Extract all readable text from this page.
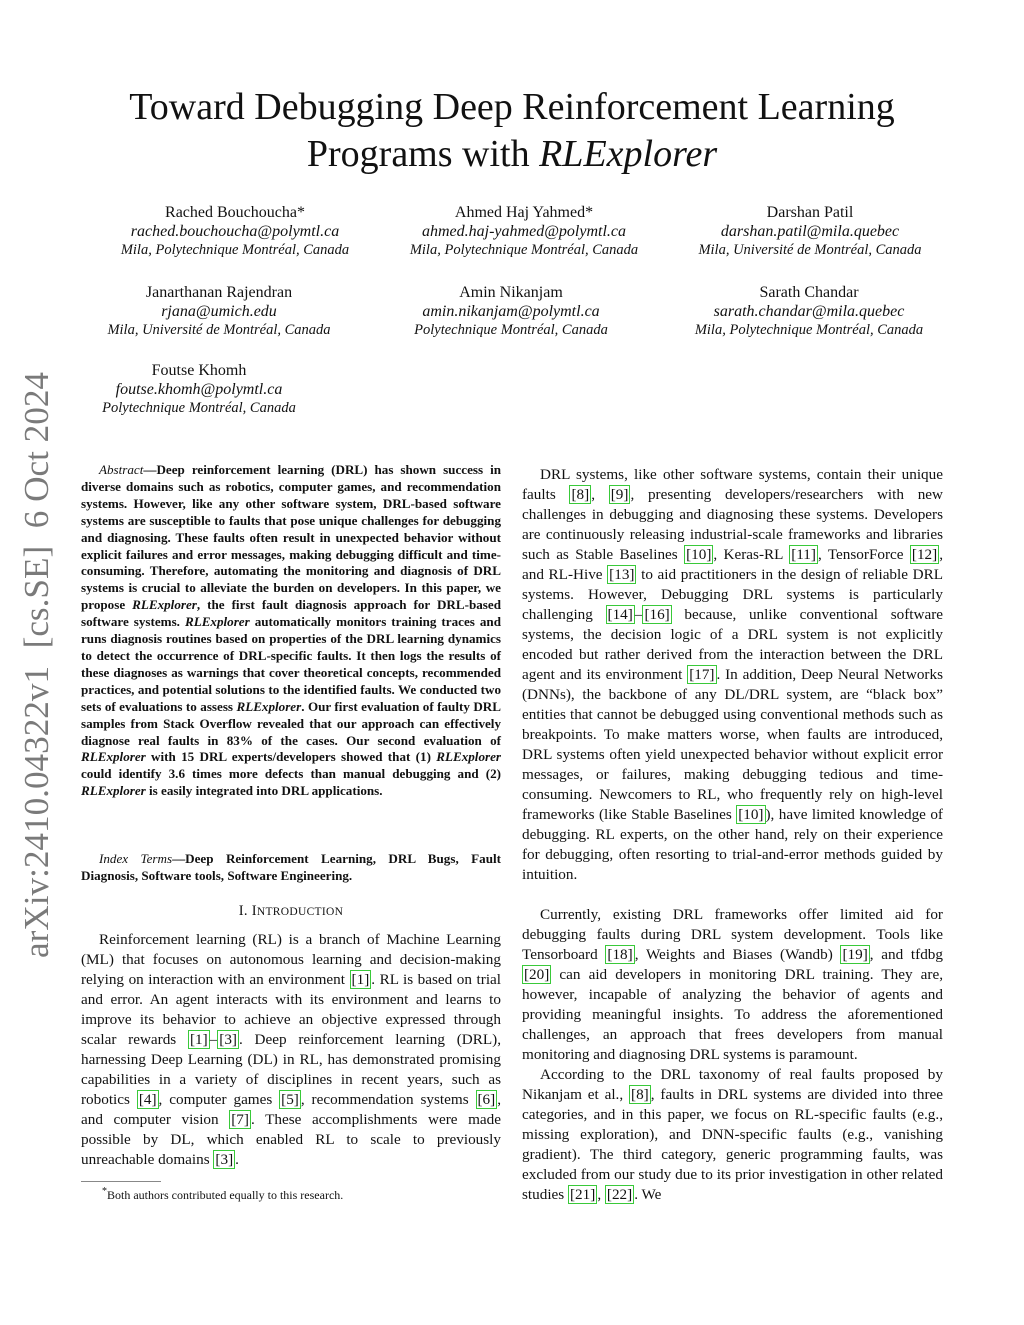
arXiv:2410.04322v1  [cs.SE]  6 Oct 2024
Toward Debugging Deep Reinforcement Learning
Programs with RLExplorer
Rached Bouchoucha*
rached.bouchoucha@polymtl.ca
Mila, Polytechnique Montréal, Canada
Ahmed Haj Yahmed*
ahmed.haj-yahmed@polymtl.ca
Mila, Polytechnique Montréal, Canada
Darshan Patil
darshan.patil@mila.quebec
Mila, Université de Montréal, Canada
Janarthanan Rajendran
rjana@umich.edu
Mila, Université de Montréal, Canada
Amin Nikanjam
amin.nikanjam@polymtl.ca
Polytechnique Montréal, Canada
Sarath Chandar
sarath.chandar@mila.quebec
Mila, Polytechnique Montréal, Canada
Foutse Khomh
foutse.khomh@polymtl.ca
Polytechnique Montréal, Canada
Abstract—Deep reinforcement learning (DRL) has shown success in diverse domains such as robotics, computer games, and recommendation systems. However, like any other software system, DRL-based software systems are susceptible to faults that pose unique challenges for debugging and diagnosing. These faults often result in unexpected behavior without explicit failures and error messages, making debugging difficult and time-consuming. Therefore, automating the monitoring and diagnosis of DRL systems is crucial to alleviate the burden on developers. In this paper, we propose RLExplorer, the first fault diagnosis approach for DRL-based software systems. RLExplorer automatically monitors training traces and runs diagnosis routines based on properties of the DRL learning dynamics to detect the occurrence of DRL-specific faults. It then logs the results of these diagnoses as warnings that cover theoretical concepts, recommended practices, and potential solutions to the identified faults. We conducted two sets of evaluations to assess RLExplorer. Our first evaluation of faulty DRL samples from Stack Overflow revealed that our approach can effectively diagnose real faults in 83% of the cases. Our second evaluation of RLExplorer with 15 DRL experts/developers showed that (1) RLExplorer could identify 3.6 times more defects than manual debugging and (2) RLExplorer is easily integrated into DRL applications.
Index Terms—Deep Reinforcement Learning, DRL Bugs, Fault Diagnosis, Software tools, Software Engineering.
I. INTRODUCTION
Reinforcement learning (RL) is a branch of Machine Learning (ML) that focuses on autonomous learning and decision-making relying on interaction with an environment [1] . RL is based on trial and error. An agent interacts with its environment and learns to improve its behavior to achieve an objective expressed through scalar rewards [1] – [3] . Deep reinforcement learning (DRL), harnessing Deep Learning (DL) in RL, has demonstrated promising capabilities in a variety of disciplines in recent years, such as robotics [4] , computer games [5] , recommendation systems [6] , and computer vision [7] . These accomplishments were made possible by DL, which enabled RL to scale to previously unreachable domains [3] .
*Both authors contributed equally to this research.
DRL systems, like other software systems, contain their unique faults [8] , [9] , presenting developers/researchers with new challenges in debugging and diagnosing these systems. Developers are continuously releasing industrial-scale frameworks and libraries such as Stable Baselines [10] , Keras-RL [11] , TensorForce [12] , and RL-Hive [13] to aid practitioners in the design of reliable DRL systems. However, Debugging DRL systems is particularly challenging [14] – [16] because, unlike conventional software systems, the decision logic of a DRL system is not explicitly encoded but rather derived from the interaction between the DRL agent and its environment [17] . In addition, Deep Neural Networks (DNNs), the backbone of any DL/DRL system, are “black box” entities that cannot be debugged using conventional methods such as breakpoints. To make matters worse, when faults are introduced, DRL systems often yield unexpected behavior without explicit error messages, or failures, making debugging tedious and time-consuming. Newcomers to RL, who frequently rely on high-level frameworks (like Stable Baselines [10] ), have limited knowledge of debugging. RL experts, on the other hand, rely on their experience for debugging, often resorting to trial-and-error methods guided by intuition.
Currently, existing DRL frameworks offer limited aid for debugging faults during DRL system development. Tools like Tensorboard [18] , Weights and Biases (Wandb) [19] , and tfdbg [20] can aid developers in monitoring DRL training. They are, however, incapable of analyzing the behavior of agents and providing meaningful insights. To address the aforementioned challenges, an approach that frees developers from manual monitoring and diagnosing DRL systems is paramount.
According to the DRL taxonomy of real faults proposed by Nikanjam et al., [8] , faults in DRL systems are divided into three categories, and in this paper, we focus on RL-specific faults (e.g., missing exploration), and DNN-specific faults (e.g., vanishing gradient). The third category, generic programming faults, was excluded from our study due to its prior investigation in other related studies [21] , [22] . We
